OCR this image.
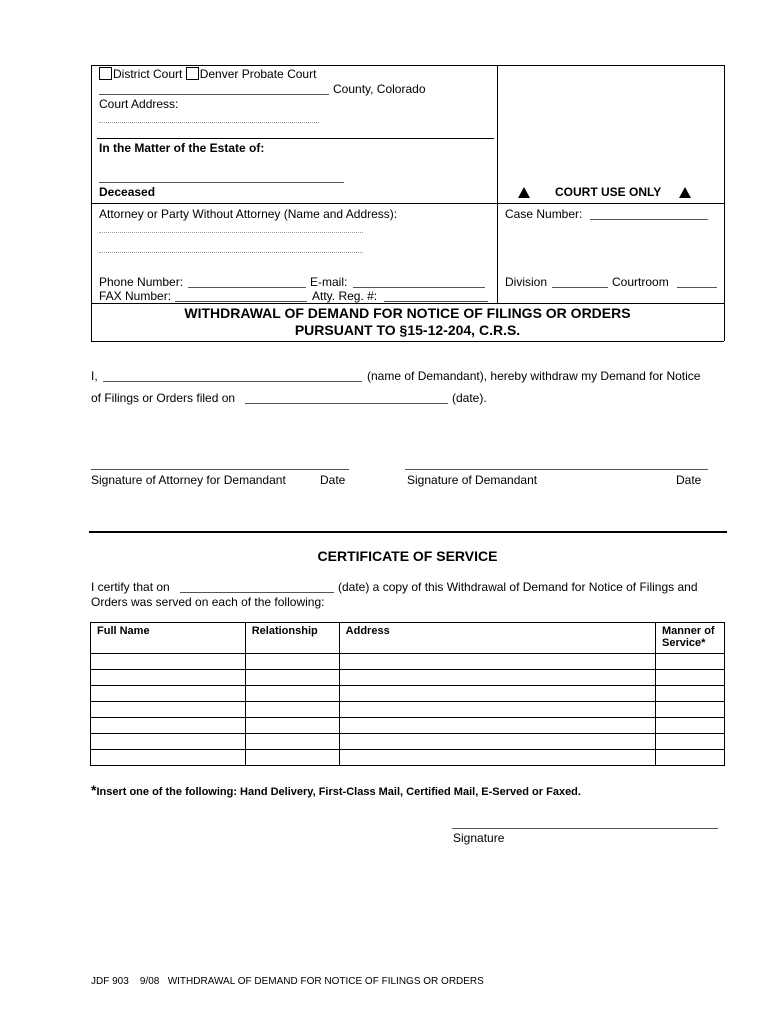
District Court Denver Probate Court
County, Colorado
Court Address:
In the Matter of the Estate of:
Deceased	COURT USE ONLY
Attorney or Party Without Attorney (Name and Address):	Case Number:
Phone Number:	E-mail:
FAX Number:	Atty. Reg. #:
Division	Courtroom
WITHDRAWAL OF DEMAND FOR NOTICE OF FILINGS OR ORDERS
PURSUANT TO §15-12-204, C.R.S.
I,	(name of Demandant), hereby withdraw my Demand for Notice
of Filings or Orders filed on	(date).
Signature of Attorney for Demandant	Date	Signature of Demandant	Date
CERTIFICATE OF SERVICE
I certify that on	(date) a copy of this Withdrawal of Demand for Notice of Filings and
Orders was served on each of the following:
Full Name	Relationship	Address	Manner of Service*

*Insert one of the following: Hand Delivery, First-Class Mail, Certified Mail, E-Served or Faxed.
Signature
JDF 903    9/08   WITHDRAWAL OF DEMAND FOR NOTICE OF FILINGS OR ORDERS
